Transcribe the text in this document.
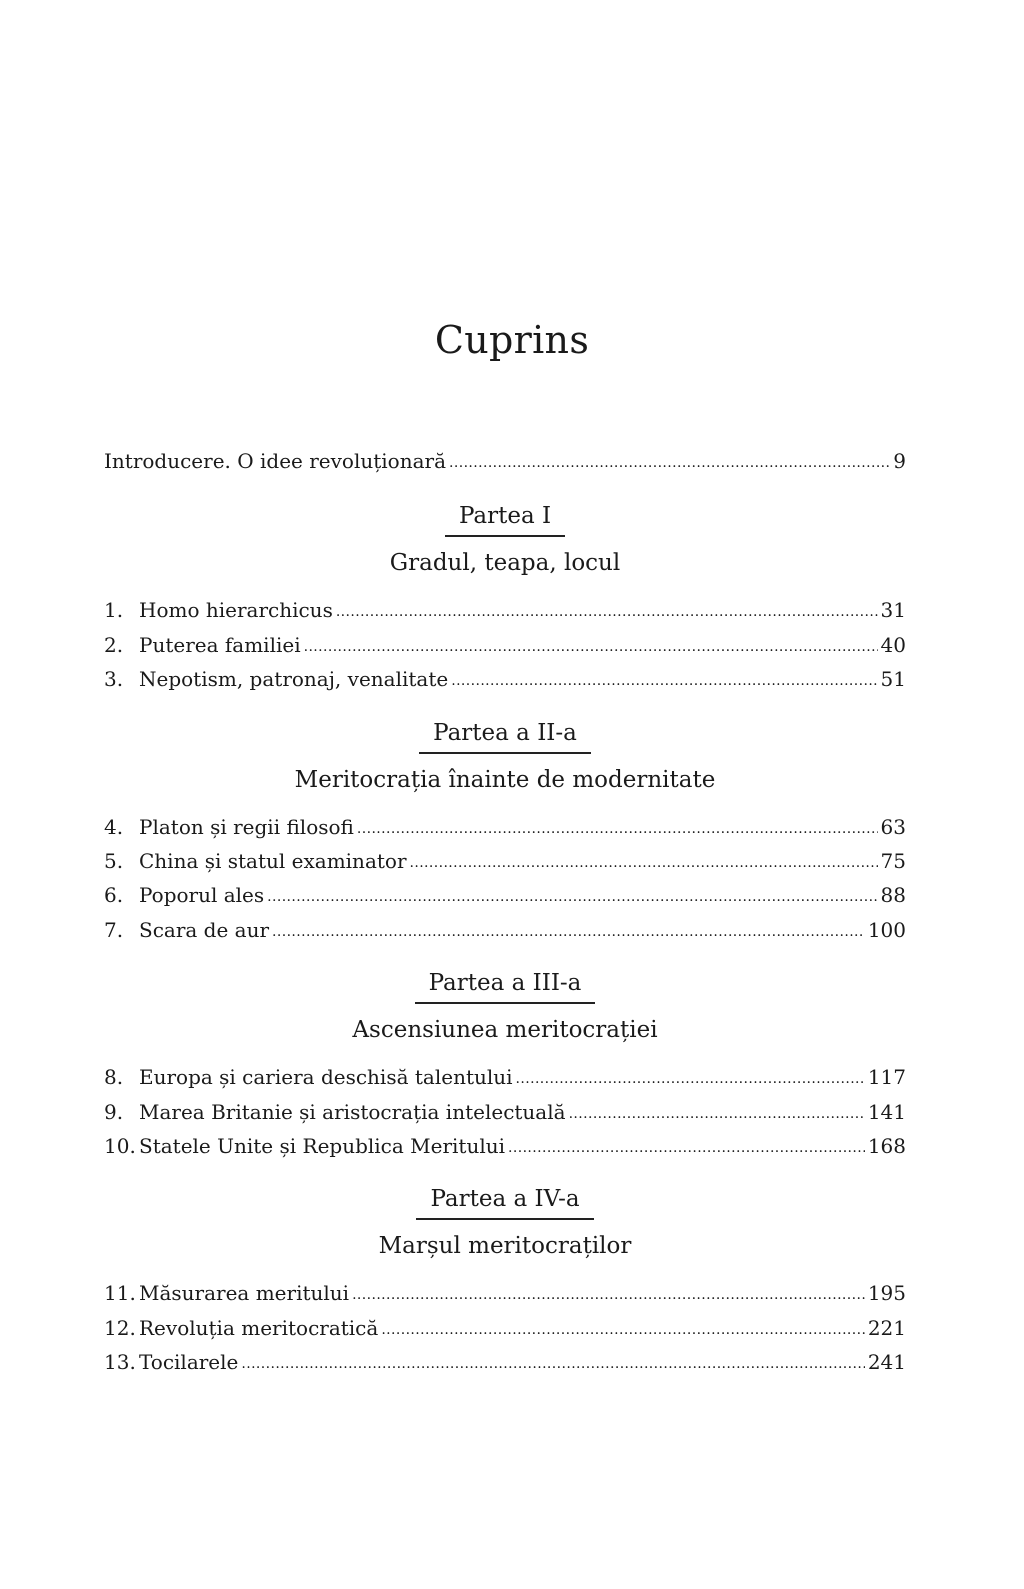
Cuprins
Introducere. O idee revoluționară .....	9
Partea I
Gradul, teapa, locul
1. Homo hierarchicus .....	31
2. Puterea familiei .....	40
3. Nepotism, patronaj, venalitate .....	51
Partea a II-a
Meritocrația înainte de modernitate
4. Platon și regii filosofi .....	63
5. China și statul examinator .....	75
6. Poporul ales .....	88
7. Scara de aur .....	100
Partea a III-a
Ascensiunea meritocrației
8. Europa și cariera deschisă talentului .....	117
9. Marea Britanie și aristocrația intelectuală .....	141
10. Statele Unite și Republica Meritului .....	168
Partea a IV-a
Marșul meritocraților
11. Măsurarea meritului .....	195
12. Revoluția meritocratică .....	221
13. Tocilarele .....	241
